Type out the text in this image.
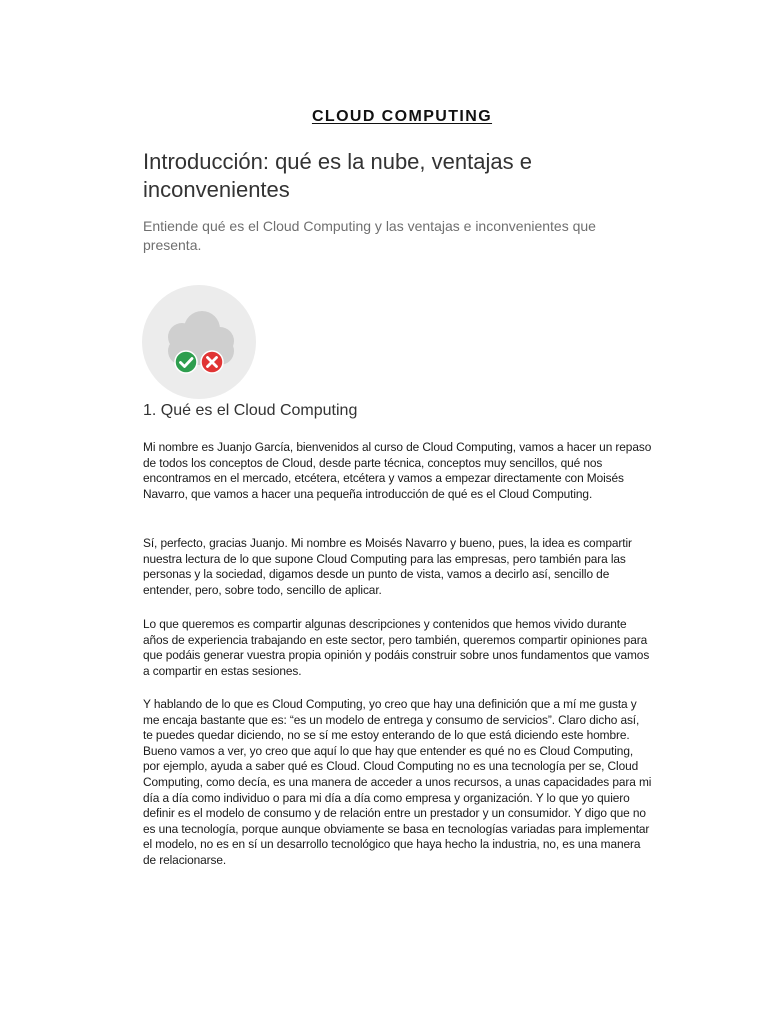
CLOUD COMPUTING
Introducción: qué es la nube, ventajas e inconvenientes

Entiende qué es el Cloud Computing y las ventajas e inconvenientes que presenta.

1. Qué es el Cloud Computing

Mi nombre es Juanjo García, bienvenidos al curso de Cloud Computing, vamos a hacer un repaso de todos los conceptos de Cloud, desde parte técnica, conceptos muy sencillos, qué nos encontramos en el mercado, etcétera, etcétera y vamos a empezar directamente con Moisés Navarro, que vamos a hacer una pequeña introducción de qué es el Cloud Computing.

Sí, perfecto, gracias Juanjo. Mi nombre es Moisés Navarro y bueno, pues, la idea es compartir nuestra lectura de lo que supone Cloud Computing para las empresas, pero también para las personas y la sociedad, digamos desde un punto de vista, vamos a decirlo así, sencillo de entender, pero, sobre todo, sencillo de aplicar.

Lo que queremos es compartir algunas descripciones y contenidos que hemos vivido durante años de experiencia trabajando en este sector, pero también, queremos compartir opiniones para que podáis generar vuestra propia opinión y podáis construir sobre unos fundamentos que vamos a compartir en estas sesiones.

Y hablando de lo que es Cloud Computing, yo creo que hay una definición que a mí me gusta y me encaja bastante que es: “es un modelo de entrega y consumo de servicios”. Claro dicho así, te puedes quedar diciendo, no se sí me estoy enterando de lo que está diciendo este hombre. Bueno vamos a ver, yo creo que aquí lo que hay que entender es qué no es Cloud Computing, por ejemplo, ayuda a saber qué es Cloud. Cloud Computing no es una tecnología per se, Cloud Computing, como decía, es una manera de acceder a unos recursos, a unas capacidades para mi día a día como individuo o para mi día a día como empresa y organización. Y lo que yo quiero definir es el modelo de consumo y de relación entre un prestador y un consumidor. Y digo que no es una tecnología, porque aunque obviamente se basa en tecnologías variadas para implementar el modelo, no es en sí un desarrollo tecnológico que haya hecho la industria, no, es una manera de relacionarse.
